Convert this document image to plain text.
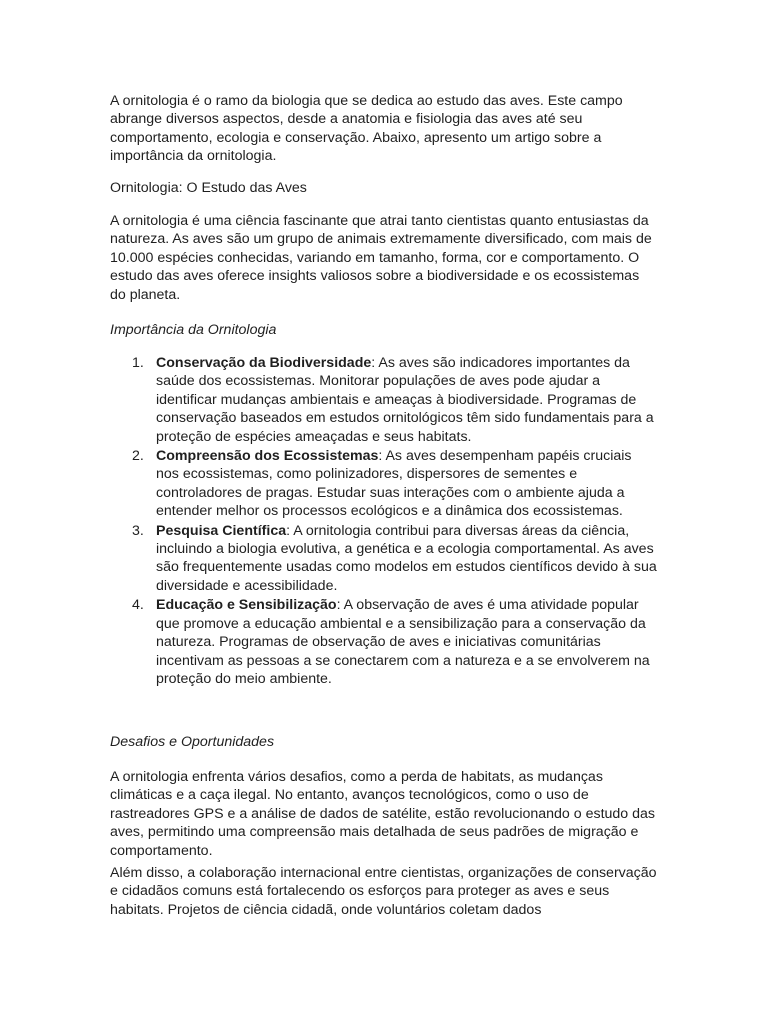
A ornitologia é o ramo da biologia que se dedica ao estudo das aves. Este campo abrange diversos aspectos, desde a anatomia e fisiologia das aves até seu comportamento, ecologia e conservação. Abaixo, apresento um artigo sobre a importância da ornitologia.

Ornitologia: O Estudo das Aves

A ornitologia é uma ciência fascinante que atrai tanto cientistas quanto entusiastas da natureza. As aves são um grupo de animais extremamente diversificado, com mais de 10.000 espécies conhecidas, variando em tamanho, forma, cor e comportamento. O estudo das aves oferece insights valiosos sobre a biodiversidade e os ecossistemas do planeta.

Importância da Ornitologia

1. Conservação da Biodiversidade: As aves são indicadores importantes da saúde dos ecossistemas. Monitorar populações de aves pode ajudar a identificar mudanças ambientais e ameaças à biodiversidade. Programas de conservação baseados em estudos ornitológicos têm sido fundamentais para a proteção de espécies ameaçadas e seus habitats.
2. Compreensão dos Ecossistemas: As aves desempenham papéis cruciais nos ecossistemas, como polinizadores, dispersores de sementes e controladores de pragas. Estudar suas interações com o ambiente ajuda a entender melhor os processos ecológicos e a dinâmica dos ecossistemas.
3. Pesquisa Científica: A ornitologia contribui para diversas áreas da ciência, incluindo a biologia evolutiva, a genética e a ecologia comportamental. As aves são frequentemente usadas como modelos em estudos científicos devido à sua diversidade e acessibilidade.
4. Educação e Sensibilização: A observação de aves é uma atividade popular que promove a educação ambiental e a sensibilização para a conservação da natureza. Programas de observação de aves e iniciativas comunitárias incentivam as pessoas a se conectarem com a natureza e a se envolverem na proteção do meio ambiente.

Desafios e Oportunidades

A ornitologia enfrenta vários desafios, como a perda de habitats, as mudanças climáticas e a caça ilegal. No entanto, avanços tecnológicos, como o uso de rastreadores GPS e a análise de dados de satélite, estão revolucionando o estudo das aves, permitindo uma compreensão mais detalhada de seus padrões de migração e comportamento.

Além disso, a colaboração internacional entre cientistas, organizações de conservação e cidadãos comuns está fortalecendo os esforços para proteger as aves e seus habitats. Projetos de ciência cidadã, onde voluntários coletam dados
